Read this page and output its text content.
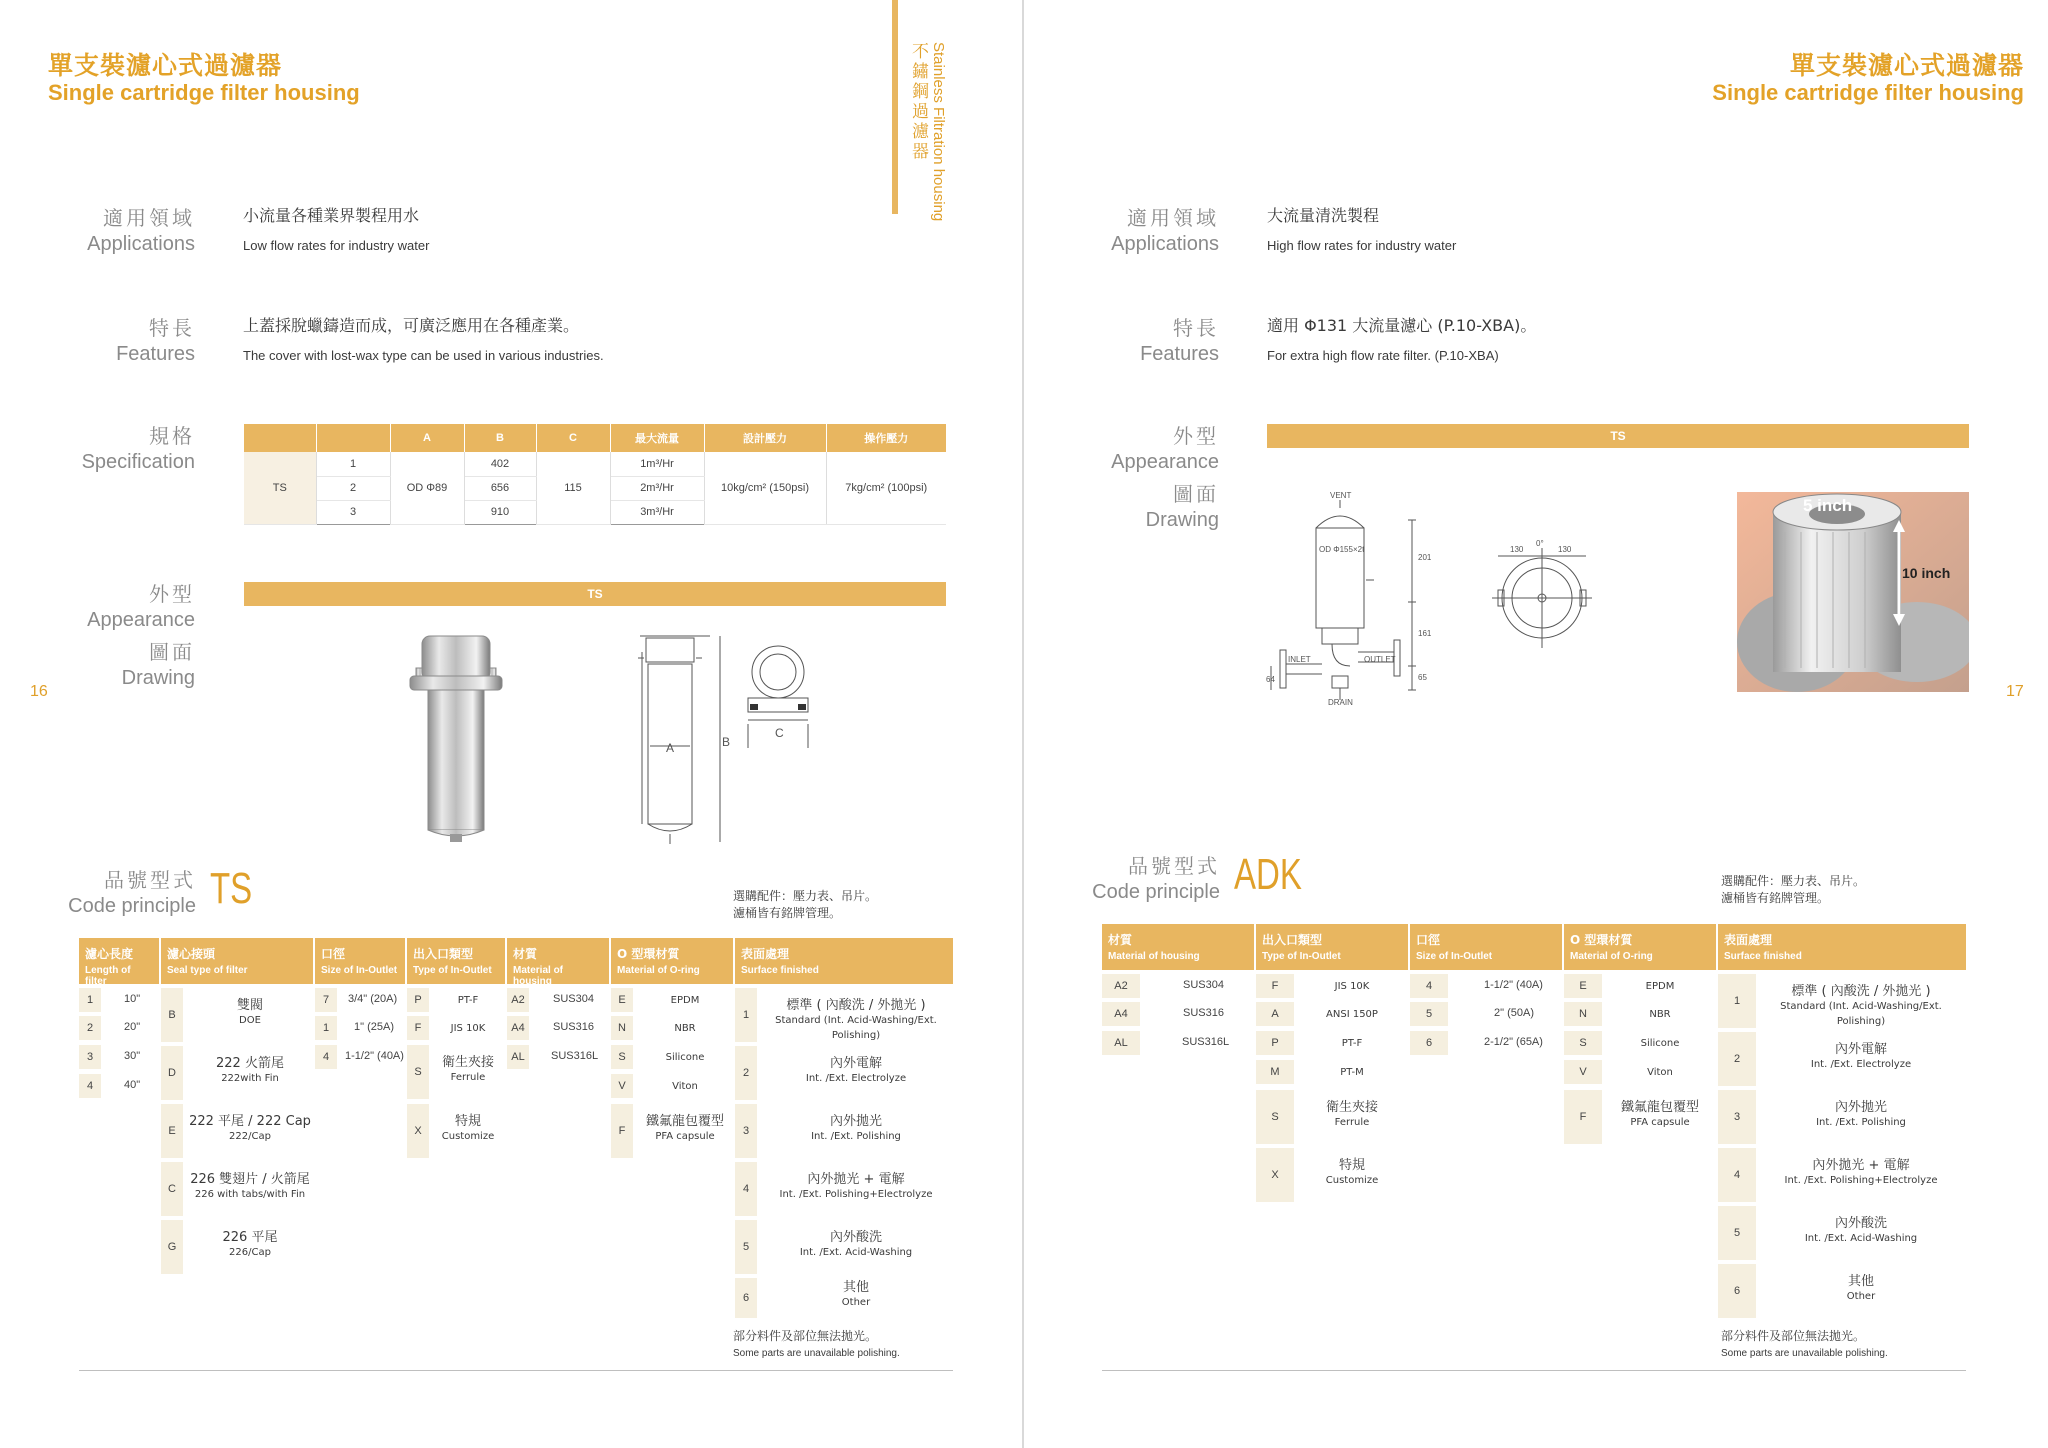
單支裝濾心式過濾器
Single cartridge filter housing	不鏽鋼過濾器 Stainless Filtration housing
適用領域
Applications
小流量各種業界製程用水
Low flow rates for industry water
特長
Features
上蓋採脫蠟鑄造而成，可廣泛應用在各種產業。
The cover with lost-wax type can be used in various industries.
規格
Specification
		A	B	C	最大流量	設計壓力	操作壓力
TS	1	OD Φ89	402	115	1m³/Hr	10kg/cm² (150psi)	7kg/cm² (100psi)
	2		656		2m³/Hr		
	3		910		3m³/Hr		
外型
Appearance
圖面
Drawing
TS
16
A	B
C
品號型式
Code principle TS	選購配件：壓力表、吊片。
濾桶皆有銘牌管理。
濾心長度
Length of filter
濾心接頭
Seal type of filter
口徑
Size of In-Outlet
出入口類型
Type of In-Outlet
材質
Material of housing
O 型環材質
Material of O-ring
表面處理
Surface finished
1	10"
2	20"
3	30"
4	40"
B
雙閥
DOE
D
222 火箭尾
222with Fin
E
222 平尾 / 222 Cap
222/Cap
C
226 雙翅片 / 火箭尾
226 with tabs/with Fin
G
226 平尾
226/Cap
7	3/4" (20A)
1	1" (25A)
4	1-1/2" (40A)
P	PT-F
F	JIS 10K
S
衛生夾接
Ferrule
X
特規
Customize
A2	SUS304
A4	SUS316
AL	SUS316L
E	EPDM
N	NBR
S	Silicone
V	Viton
F
鐵氟龍包覆型
PFA capsule
1
標準 ( 內酸洗 / 外拋光 )
Standard (Int. Acid-Washing/Ext. Polishing)
2
內外電解
Int. /Ext. Electrolyze
3
內外拋光
Int. /Ext. Polishing
4
內外拋光 + 電解
Int. /Ext. Polishing+Electrolyze
5
內外酸洗
Int. /Ext. Acid-Washing
6
其他
Other
部分料件及部位無法拋光。
Some parts are unavailable polishing.
單支裝濾心式過濾器
Single cartridge filter housing
適用領域
Applications
大流量清洗製程
High flow rates for industry water
特長
Features
適用 Φ131 大流量濾心 (P.10-XBA)。
For extra high flow rate filter. (P.10-XBA)
外型
Appearance
圖面
Drawing
TS
17
VENT
OD Φ155×2t
INLET	OUTLET
DRAIN
201
161
65
64
130
0°
130
5 inch
10 inch
品號型式
Code principle ADK	選購配件：壓力表、吊片。
濾桶皆有銘牌管理。
材質
Material of housing
出入口類型
Type of In-Outlet
口徑
Size of In-Outlet
O 型環材質
Material of O-ring
表面處理
Surface finished
A2	SUS304
A4	SUS316
AL	SUS316L
F	JIS 10K
A	ANSI 150P
P	PT-F
M	PT-M
S
衛生夾接
Ferrule
X
特規
Customize
4	1-1/2" (40A)
5	2" (50A)
6	2-1/2" (65A)
E	EPDM
N	NBR
S	Silicone
V	Viton
F
鐵氟龍包覆型
PFA capsule
1
標準 ( 內酸洗 / 外拋光 )
Standard (Int. Acid-Washing/Ext. Polishing)
2
內外電解
Int. /Ext. Electrolyze
3
內外拋光
Int. /Ext. Polishing
4
內外拋光 + 電解
Int. /Ext. Polishing+Electrolyze
5
內外酸洗
Int. /Ext. Acid-Washing
6
其他
Other
部分料件及部位無法拋光。
Some parts are unavailable polishing.
